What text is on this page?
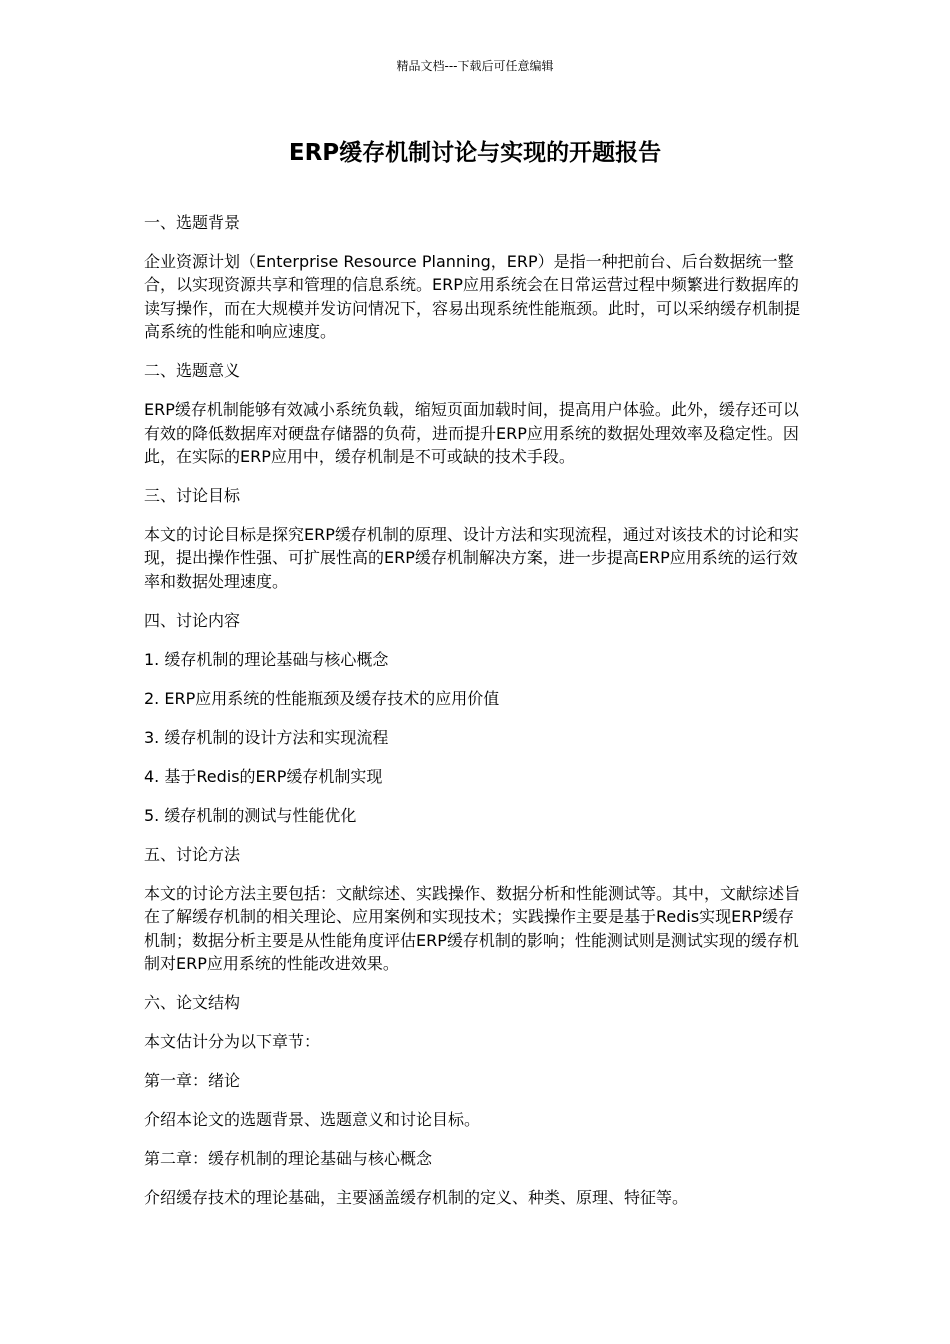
精品文档---下载后可任意编辑
ERP缓存机制讨论与实现的开题报告

一、选题背景

企业资源计划（Enterprise Resource Planning，ERP）是指一种把前台、后台数据统一整合，以实现资源共享和管理的信息系统。ERP应用系统会在日常运营过程中频繁进行数据库的读写操作，而在大规模并发访问情况下，容易出现系统性能瓶颈。此时，可以采纳缓存机制提高系统的性能和响应速度。

二、选题意义

ERP缓存机制能够有效减小系统负载，缩短页面加载时间，提高用户体验。此外，缓存还可以有效的降低数据库对硬盘存储器的负荷，进而提升ERP应用系统的数据处理效率及稳定性。因此，在实际的ERP应用中，缓存机制是不可或缺的技术手段。

三、讨论目标

本文的讨论目标是探究ERP缓存机制的原理、设计方法和实现流程，通过对该技术的讨论和实现，提出操作性强、可扩展性高的ERP缓存机制解决方案，进一步提高ERP应用系统的运行效率和数据处理速度。

四、讨论内容

1. 缓存机制的理论基础与核心概念

2. ERP应用系统的性能瓶颈及缓存技术的应用价值

3. 缓存机制的设计方法和实现流程

4. 基于Redis的ERP缓存机制实现

5. 缓存机制的测试与性能优化

五、讨论方法

本文的讨论方法主要包括：文献综述、实践操作、数据分析和性能测试等。其中，文献综述旨在了解缓存机制的相关理论、应用案例和实现技术；实践操作主要是基于Redis实现ERP缓存机制；数据分析主要是从性能角度评估ERP缓存机制的影响；性能测试则是测试实现的缓存机制对ERP应用系统的性能改进效果。

六、论文结构

本文估计分为以下章节：

第一章：绪论

介绍本论文的选题背景、选题意义和讨论目标。

第二章：缓存机制的理论基础与核心概念

介绍缓存技术的理论基础，主要涵盖缓存机制的定义、种类、原理、特征等。
